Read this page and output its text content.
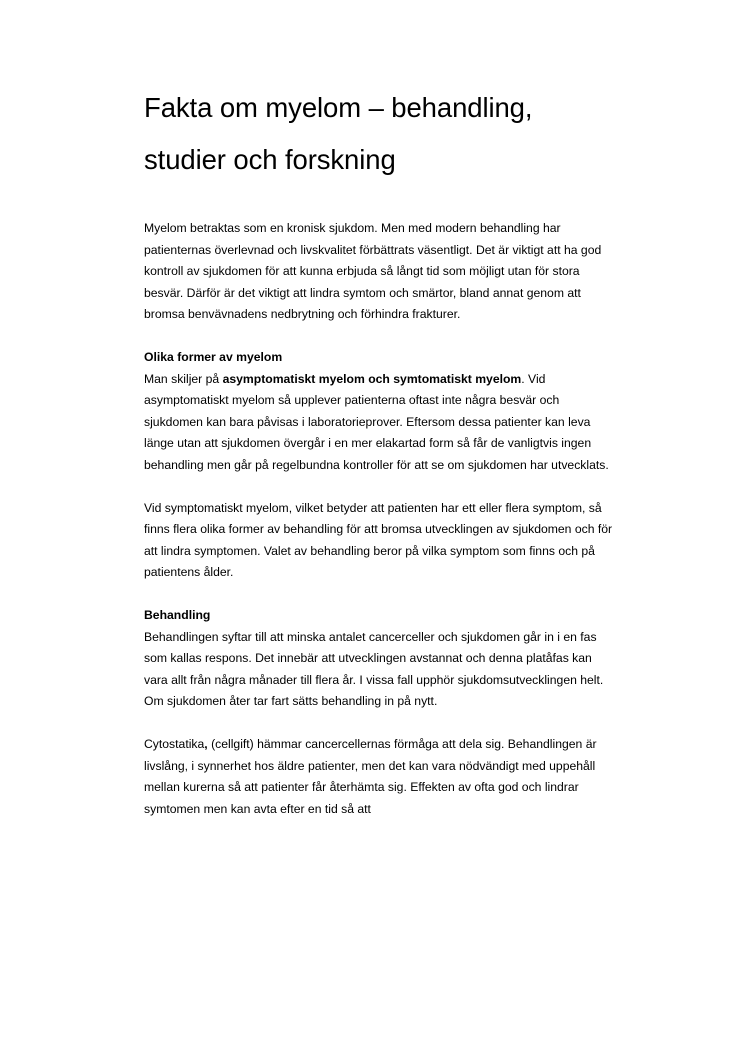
Fakta om myelom – behandling,
studier och forskning

Myelom betraktas som en kronisk sjukdom. Men med modern behandling har patienternas överlevnad och livskvalitet förbättrats väsentligt. Det är viktigt att ha god kontroll av sjukdomen för att kunna erbjuda så långt tid som möjligt utan för stora besvär. Därför är det viktigt att lindra symtom och smärtor, bland annat genom att bromsa benvävnadens nedbrytning och förhindra frakturer.

Olika former av myelom
Man skiljer på asymptomatiskt myelom och symtomatiskt myelom. Vid asymptomatiskt myelom så upplever patienterna oftast inte några besvär och sjukdomen kan bara påvisas i laboratorieprover. Eftersom dessa patienter kan leva länge utan att sjukdomen övergår i en mer elakartad form så får de vanligtvis ingen behandling men går på regelbundna kontroller för att se om sjukdomen har utvecklats.

Vid symptomatiskt myelom, vilket betyder att patienten har ett eller flera symptom, så finns flera olika former av behandling för att bromsa utvecklingen av sjukdomen och för att lindra symptomen. Valet av behandling beror på vilka symptom som finns och på patientens ålder.

Behandling
Behandlingen syftar till att minska antalet cancerceller och sjukdomen går in i en fas som kallas respons. Det innebär att utvecklingen avstannat och denna platåfas kan vara allt från några månader till flera år. I vissa fall upphör sjukdomsutvecklingen helt. Om sjukdomen åter tar fart sätts behandling in på nytt.

Cytostatika, (cellgift) hämmar cancercellernas förmåga att dela sig. Behandlingen är livslång, i synnerhet hos äldre patienter, men det kan vara nödvändigt med uppehåll mellan kurerna så att patienter får återhämta sig. Effekten av ofta god och lindrar symtomen men kan avta efter en tid så att
